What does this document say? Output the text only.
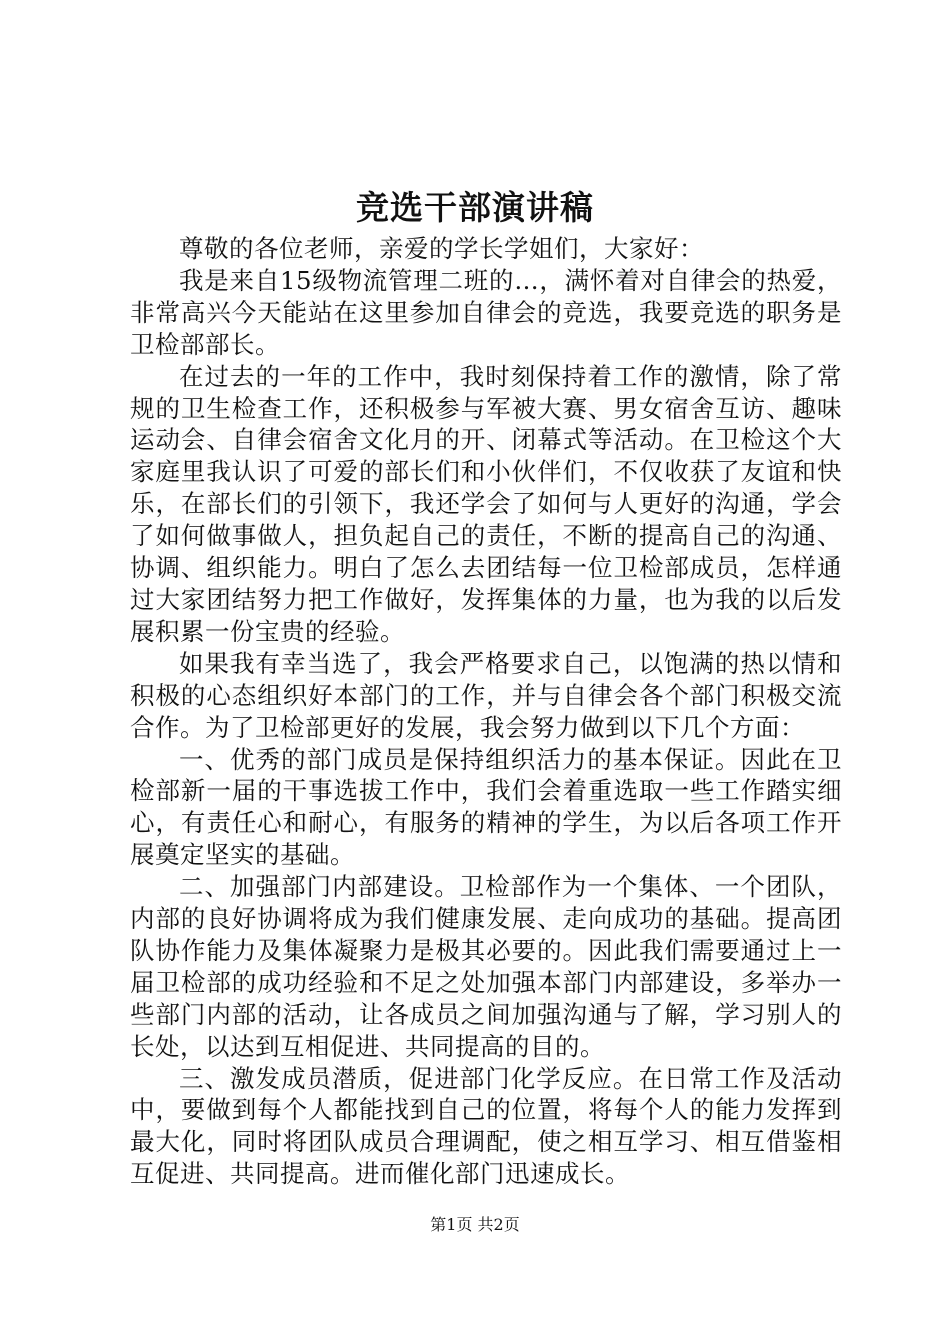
竞选干部演讲稿

尊敬的各位老师，亲爱的学长学姐们，大家好：

我是来自15级物流管理二班的…，满怀着对自律会的热爱，非常高兴今天能站在这里参加自律会的竞选，我要竞选的职务是卫检部部长。

在过去的一年的工作中，我时刻保持着工作的激情，除了常规的卫生检查工作，还积极参与军被大赛、男女宿舍互访、趣味运动会、自律会宿舍文化月的开、闭幕式等活动。在卫检这个大家庭里我认识了可爱的部长们和小伙伴们，不仅收获了友谊和快乐，在部长们的引领下，我还学会了如何与人更好的沟通，学会了如何做事做人，担负起自己的责任，不断的提高自己的沟通、协调、组织能力。明白了怎么去团结每一位卫检部成员，怎样通过大家团结努力把工作做好，发挥集体的力量，也为我的以后发展积累一份宝贵的经验。

如果我有幸当选了，我会严格要求自己，以饱满的热以情和积极的心态组织好本部门的工作，并与自律会各个部门积极交流合作。为了卫检部更好的发展，我会努力做到以下几个方面：

一、优秀的部门成员是保持组织活力的基本保证。因此在卫检部新一届的干事选拔工作中，我们会着重选取一些工作踏实细心，有责任心和耐心，有服务的精神的学生，为以后各项工作开展奠定坚实的基础。

二、加强部门内部建设。卫检部作为一个集体、一个团队，内部的良好协调将成为我们健康发展、走向成功的基础。提高团队协作能力及集体凝聚力是极其必要的。因此我们需要通过上一届卫检部的成功经验和不足之处加强本部门内部建设，多举办一些部门内部的活动，让各成员之间加强沟通与了解，学习别人的长处，以达到互相促进、共同提高的目的。

三、激发成员潜质，促进部门化学反应。在日常工作及活动中，要做到每个人都能找到自己的位置，将每个人的能力发挥到最大化，同时将团队成员合理调配，使之相互学习、相互借鉴相互促进、共同提高。进而催化部门迅速成长。

第1页 共2页
